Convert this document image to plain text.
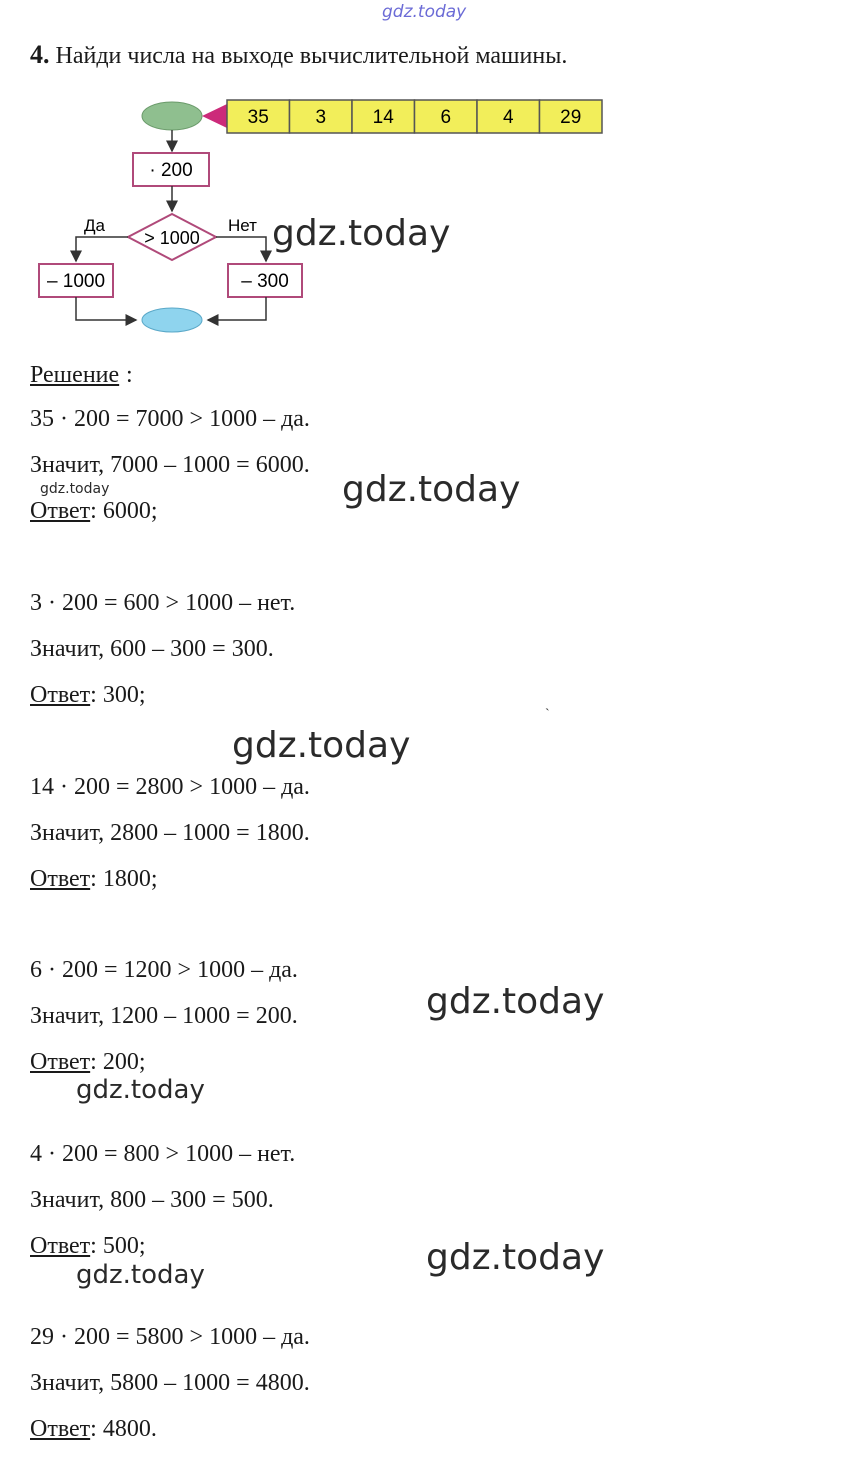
gdz.today
gdz.today
gdz.today
gdz.today
gdz.today
gdz.today
gdz.today
gdz.today
gdz.today
4. Найди числа на выходе вычислительной машины.
35 3 14 6	4 29
· 200
> 1000
Да	Нет
– 1000	– 300
Решение :
35 · 200 = 7000 > 1000 – да.
Значит, 7000 – 1000 = 6000.
Ответ: 6000;
3 · 200 = 600 > 1000 – нет.
Значит, 600 – 300 = 300.
Ответ: 300;
14 · 200 = 2800 > 1000 – да.
Значит, 2800 – 1000 = 1800.
Ответ: 1800;
6 · 200 = 1200 > 1000 – да.
Значит, 1200 – 1000 = 200.
Ответ: 200;
4 · 200 = 800 > 1000 – нет.
Значит, 800 – 300 = 500.
Ответ: 500;
29 · 200 = 5800 > 1000 – да.
Значит, 5800 – 1000 = 4800.
Ответ: 4800.
ˋ
